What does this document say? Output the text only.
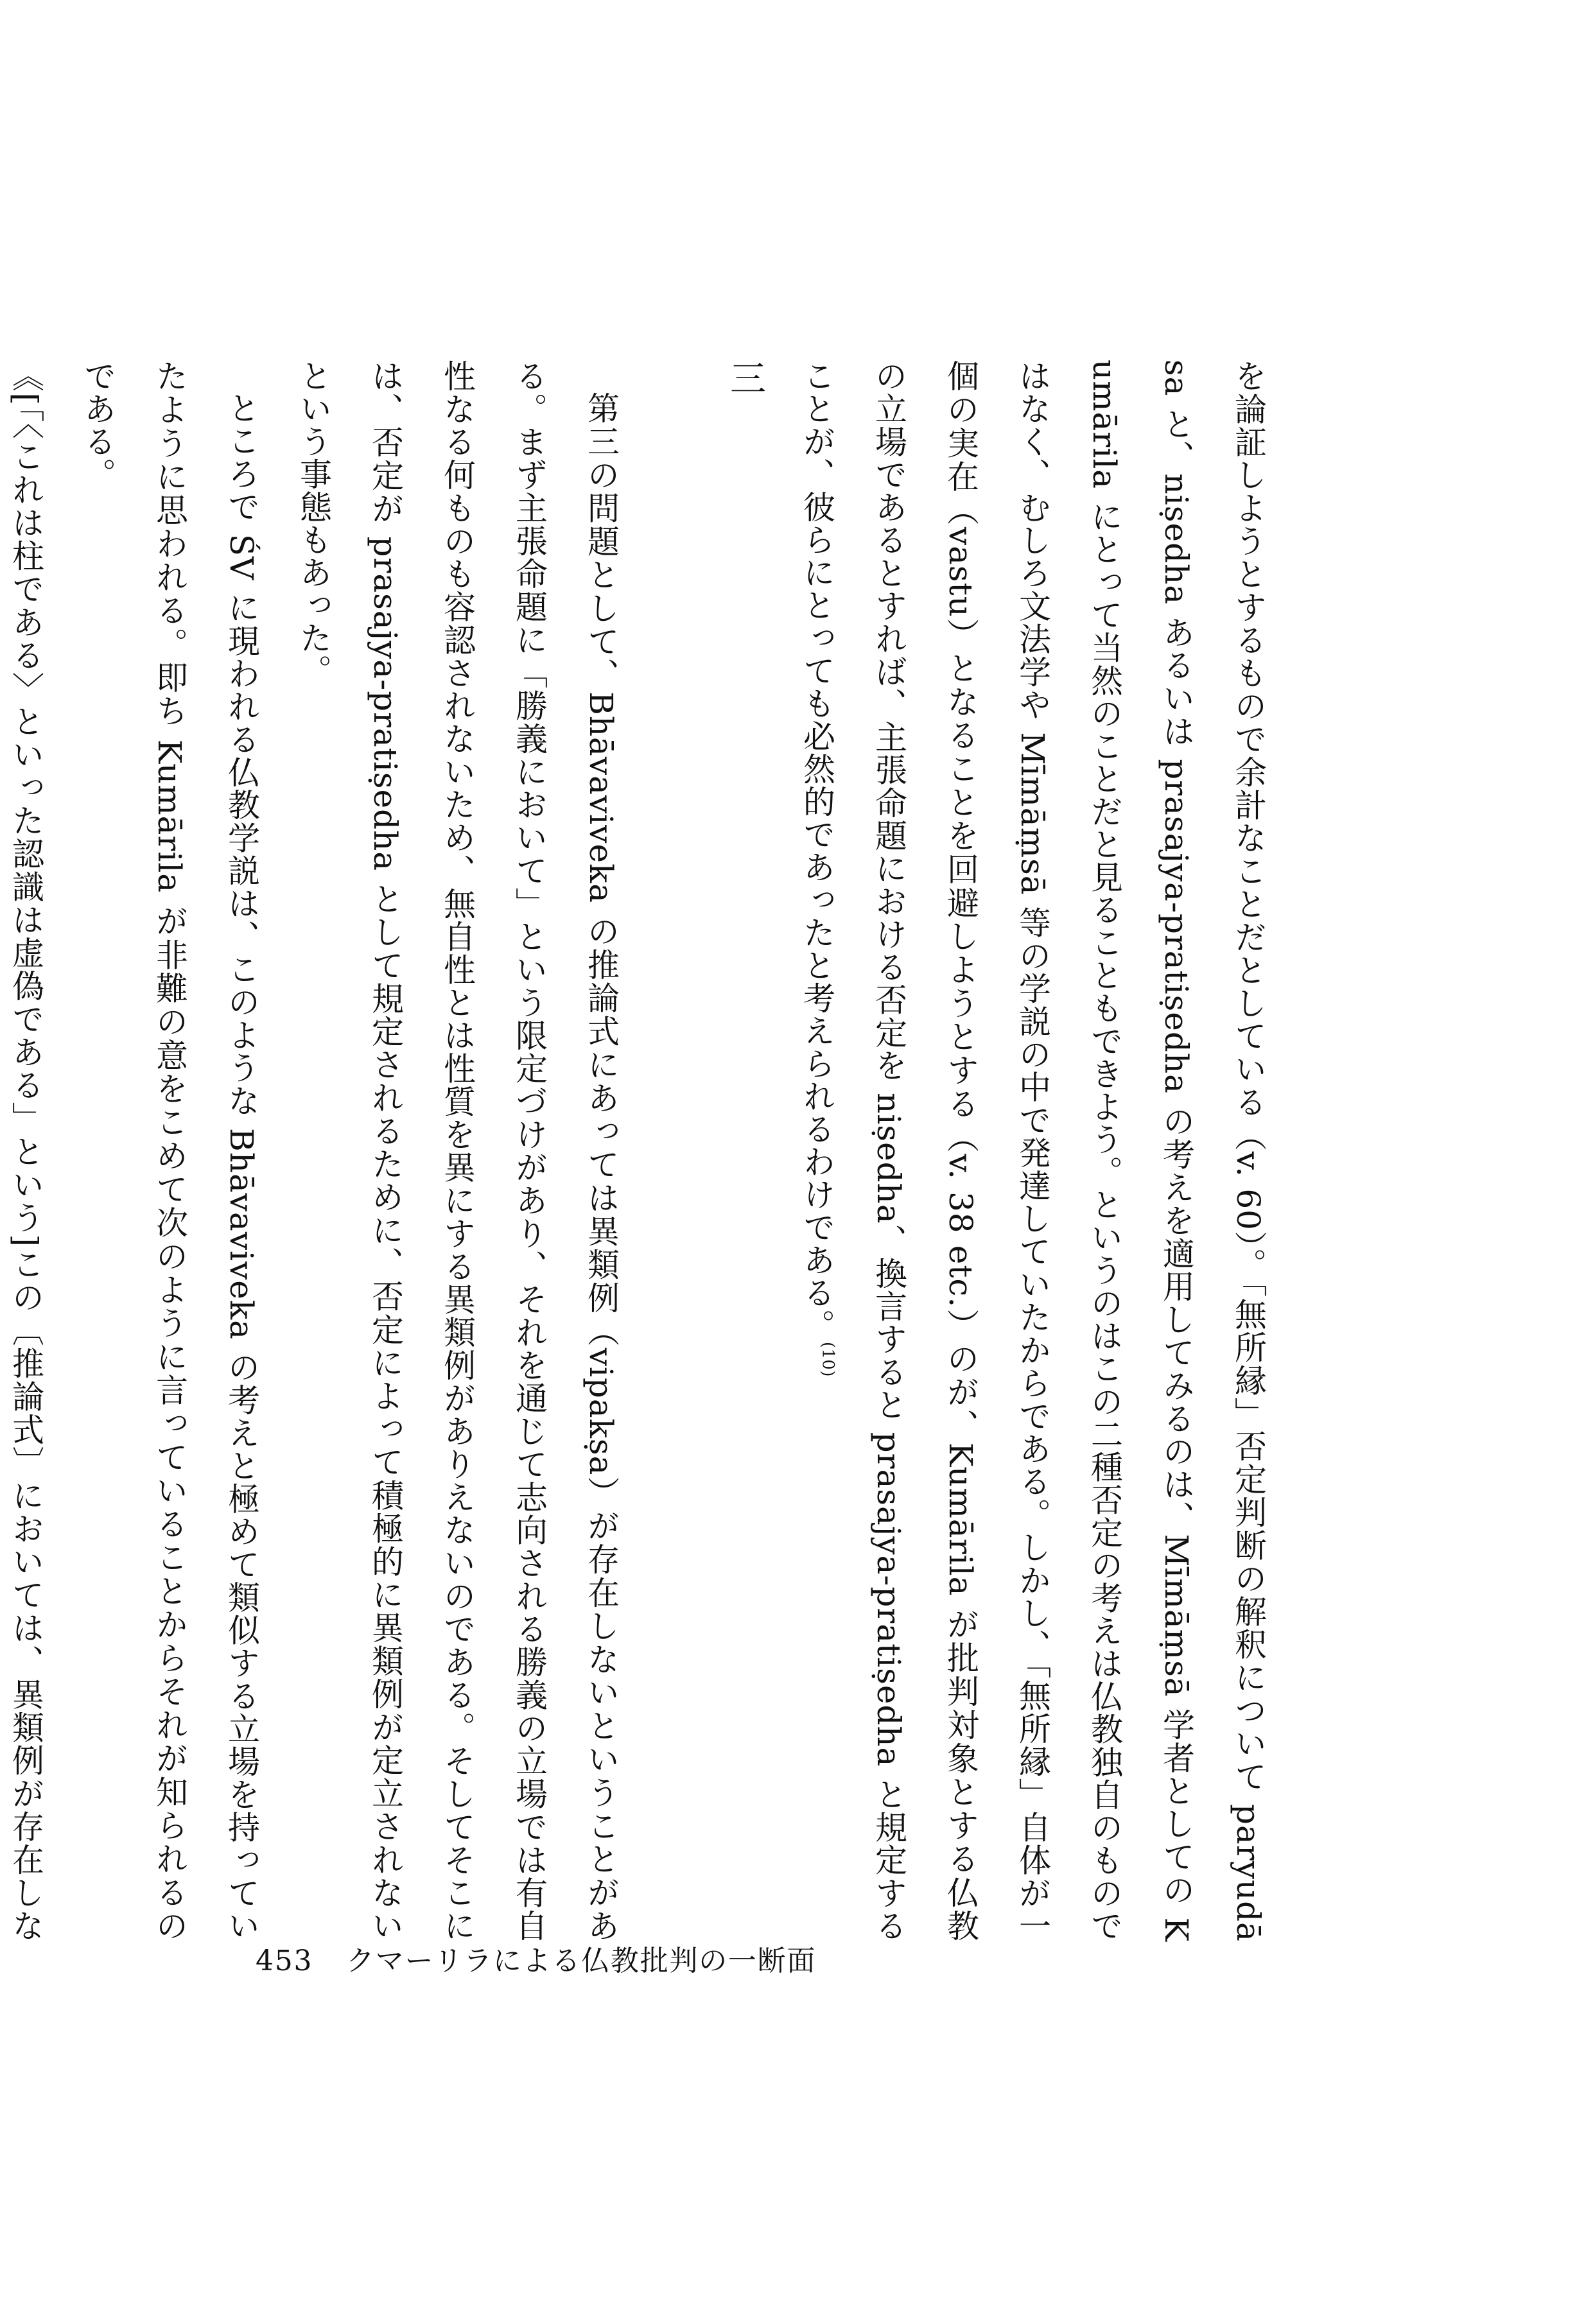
を論証しようとするもので余計なことだとしている（v. 60）。「無所縁」否定判断の解釈について paryudāsa と、niṣedha あるいは prasajya-pratiṣedha の考えを適用してみるのは、Mīmāṃsā 学者としての Kumārila にとって当然のことだと見ることもできよう。というのはこの二種否定の考えは仏教独自のものではなく、むしろ文法学や Mīmāṃsā 等の学説の中で発達していたからである。しかし、「無所縁」自体が一個の実在（vastu）となることを回避しようとする（v. 38 etc.）のが、Kumārila が批判対象とする仏教の立場であるとすれば、主張命題における否定を niṣedha、換言すると prasajya-pratiṣedha と規定することが、彼らにとっても必然的であったと考えられるわけである。$^{(10)}$

三

第三の問題として、Bhāvaviveka の推論式にあっては異類例（vipakṣa）が存在しないということがある。まず主張命題に「勝義において」という限定づけがあり、それを通じて志向される勝義の立場では有自性なる何ものも容認されないため、無自性とは性質を異にする異類例がありえないのである。そしてそこには、否定が prasajya-pratiṣedha として規定されるために、否定によって積極的に異類例が定立されないという事態もあった。

ところで ŚV に現われる仏教学説は、このような Bhāvaviveka の考えと極めて類似する立場を持っていたように思われる。即ち Kumārila が非難の意をこめて次のように言っていることからそれが知られるのである。

《[「〈これは柱である〉といった認識は虚偽である」という]この〔推論式〕においては、異類例が存在しな

453 クマーリラによる仏教批判の一断面
